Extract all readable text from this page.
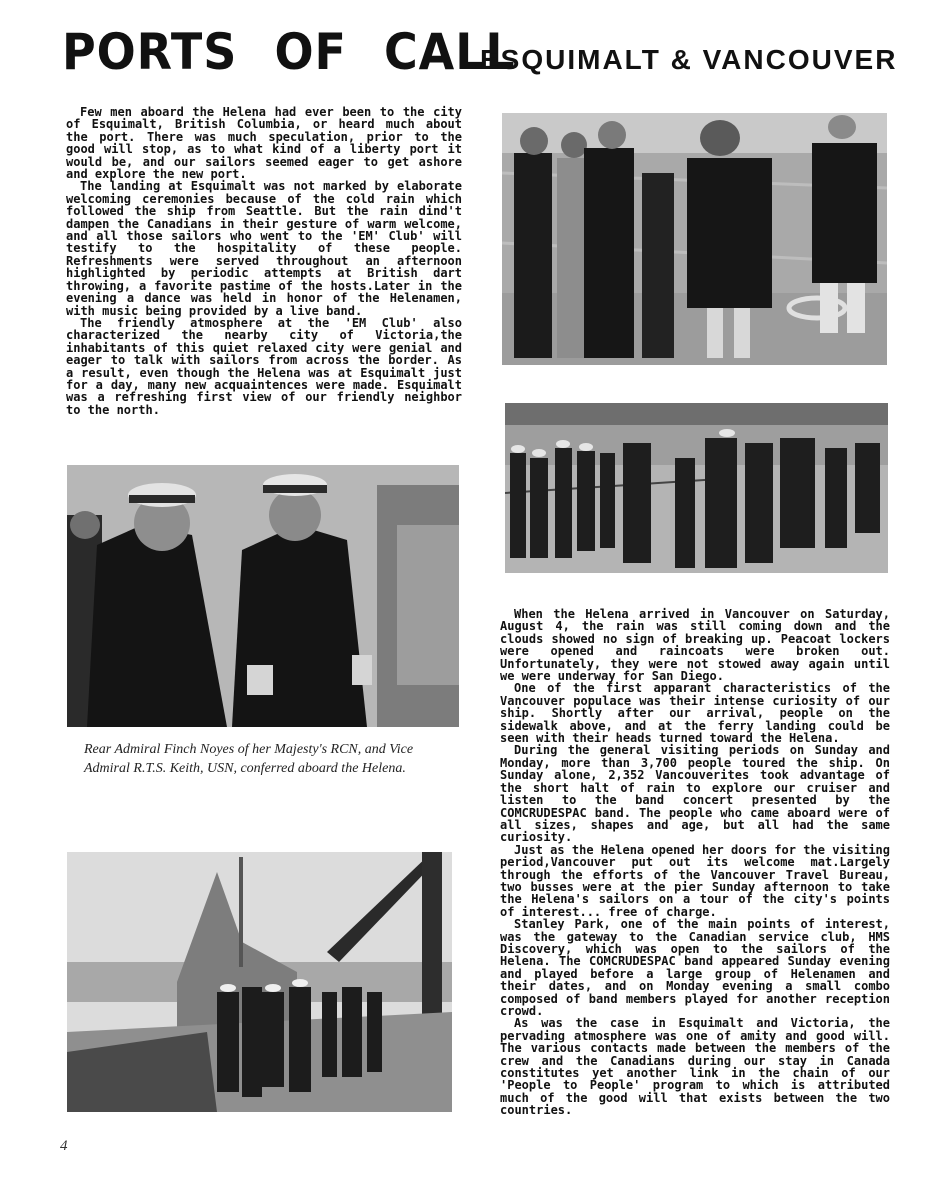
PORTS OF CALL
ESQUIMALT & VANCOUVER

Few men aboard the Helena had ever been to the city of Esquimalt, British Columbia, or heard much about the port. There was much speculation, prior to the good will stop, as to what kind of a liberty port it would be, and our sailors seemed eager to get ashore and explore the new port.

The landing at Esquimalt was not marked by elaborate welcoming ceremonies because of the cold rain which followed the ship from Seattle. But the rain dind't dampen the Canadians in their gesture of warm welcome, and all those sailors who went to the 'EM' Club' will testify to the hospitality of these people. Refreshments were served throughout an afternoon highlighted by periodic attempts at British dart throwing, a favorite pastime of the hosts.Later in the evening a dance was held in honor of the Helenamen, with music being provided by a live band.

The friendly atmosphere at the 'EM Club' also characterized the nearby city of Victoria,the inhabitants of this quiet relaxed city were genial and eager to talk with sailors from across the border. As a result, even though the Helena was at Esquimalt just for a day, many new acquaintences were made. Esquimalt was a refreshing first view of our friendly neighbor to the north.

Rear Admiral Finch Noyes of her Majesty's RCN, and Vice Admiral R.T.S. Keith, USN, conferred aboard the Helena.

When the Helena arrived in Vancouver on Saturday, August 4, the rain was still coming down and the clouds showed no sign of breaking up. Peacoat lockers were opened and raincoats were broken out. Unfortunately, they were not stowed away again until we were underway for San Diego.

One of the first apparant characteristics of the Vancouver populace was their intense curiosity of our ship. Shortly after our arrival, people on the sidewalk above, and at the ferry landing could be seen with their heads turned toward the Helena.

During the general visiting periods on Sunday and Monday, more than 3,700 people toured the ship. On Sunday alone, 2,352 Vancouverites took advantage of the short halt of rain to explore our cruiser and listen to the band concert presented by the COMCRUDESPAC band. The people who came aboard were of all sizes, shapes and age, but all had the same curiosity.

Just as the Helena opened her doors for the visiting period,Vancouver put out its welcome mat.Largely through the efforts of the Vancouver Travel Bureau, two busses were at the pier Sunday afternoon to take the Helena's sailors on a tour of the city's points of interest... free of charge.

Stanley Park, one of the main points of interest, was the gateway to the Canadian service club, HMS Discovery, which was open to the sailors of the Helena. The COMCRUDESPAC band appeared Sunday evening and played before a large group of Helenamen and their dates, and on Monday evening a small combo composed of band members played for another reception crowd.

As was the case in Esquimalt and Victoria, the pervading atmosphere was one of amity and good will. The various contacts made between the members of the crew and the Canadians during our stay in Canada constitutes yet another link in the chain of our 'People to People' program to which is attributed much of the good will that exists between the two countries.

4
